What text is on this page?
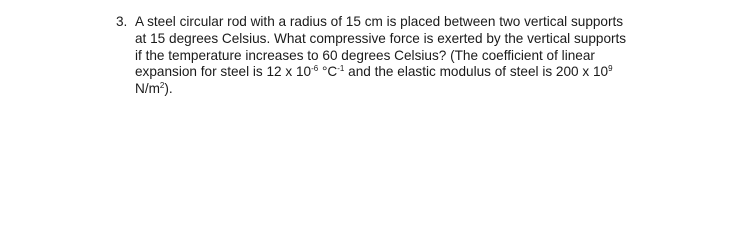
3. A steel circular rod with a radius of 15 cm is placed between two vertical supports
at 15 degrees Celsius. What compressive force is exerted by the vertical supports
if the temperature increases to 60 degrees Celsius? (The coefficient of linear
expansion for steel is 12 x $10^{-6}$ $^\circ C^{-1}$ and the elastic modulus of steel is 200 x $10^9$
$N/m^2$).
